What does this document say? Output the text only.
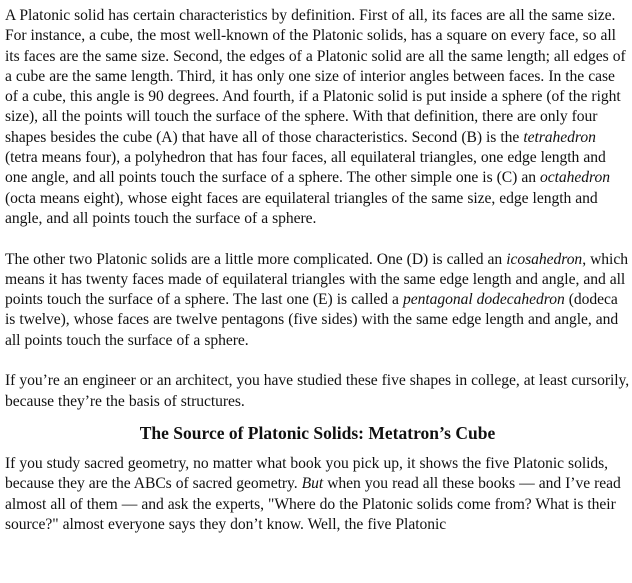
A Platonic solid has certain characteristics by definition. First of all, its faces are all the same size. For instance, a cube, the most well-known of the Platonic solids, has a square on every face, so all its faces are the same size. Second, the edges of a Platonic solid are all the same length; all edges of a cube are the same length. Third, it has only one size of interior angles between faces. In the case of a cube, this angle is 90 degrees. And fourth, if a Platonic solid is put inside a sphere (of the right size), all the points will touch the surface of the sphere. With that definition, there are only four shapes besides the cube (A) that have all of those characteristics. Second (B) is the tetrahedron (tetra means four), a polyhedron that has four faces, all equilateral triangles, one edge length and one angle, and all points touch the surface of a sphere. The other simple one is (C) an octahedron (octa means eight), whose eight faces are equilateral triangles of the same size, edge length and angle, and all points touch the surface of a sphere.

The other two Platonic solids are a little more complicated. One (D) is called an icosahedron, which means it has twenty faces made of equilateral triangles with the same edge length and angle, and all points touch the surface of a sphere. The last one (E) is called a pentagonal dodecahedron (dodeca is twelve), whose faces are twelve pentagons (five sides) with the same edge length and angle, and all points touch the surface of a sphere.

If you’re an engineer or an architect, you have studied these five shapes in college, at least cursorily, because they’re the basis of structures.

The Source of Platonic Solids: Metatron’s Cube

If you study sacred geometry, no matter what book you pick up, it shows the five Platonic solids, because they are the ABCs of sacred geometry. But when you read all these books — and I’ve read almost all of them — and ask the experts, "Where do the Platonic solids come from? What is their source?" almost everyone says they don’t know. Well, the five Platonic
